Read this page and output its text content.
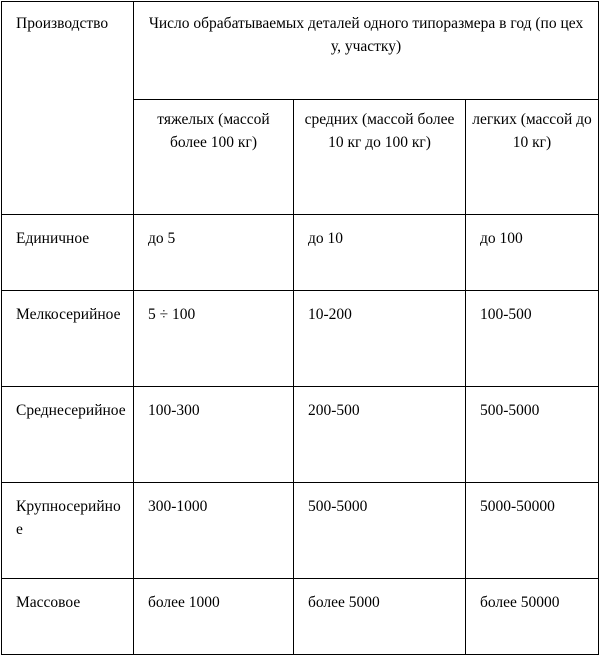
Производство	Число обрабатываемых деталей одного типоразмера в год (по цеху, участку)		

	тяжелых (массой более 100 кг)	средних (массой более 10 кг до 100 кг)	легких (массой до 10 кг)

Единичное	до 5	до 10	до 100

Мелкосерийное	5 ÷ 100	10-200	100-500

Среднесерийное	100-300	200-500	500-5000

Крупносерийное	300-1000	500-5000	5000-50000

Массовое	более 1000	более 5000	более 50000
